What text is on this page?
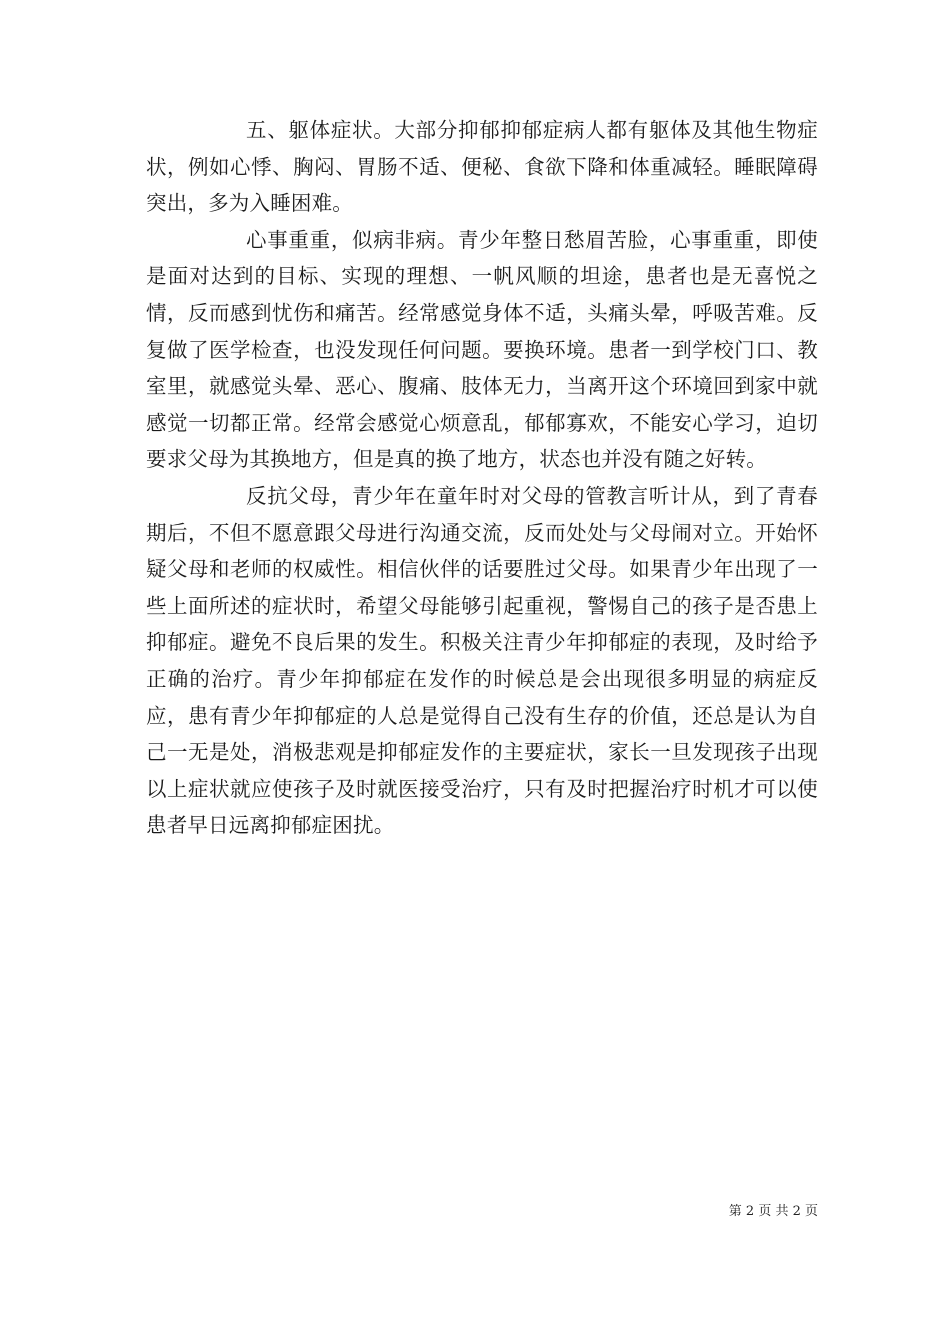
五、躯体症状。大部分抑郁抑郁症病人都有躯体及其他生物症状，例如心悸、胸闷、胃肠不适、便秘、食欲下降和体重减轻。睡眠障碍突出，多为入睡困难。

心事重重，似病非病。青少年整日愁眉苦脸，心事重重，即使是面对达到的目标、实现的理想、一帆风顺的坦途，患者也是无喜悦之情，反而感到忧伤和痛苦。经常感觉身体不适，头痛头晕，呼吸苦难。反复做了医学检查，也没发现任何问题。要换环境。患者一到学校门口、教室里，就感觉头晕、恶心、腹痛、肢体无力，当离开这个环境回到家中就感觉一切都正常。经常会感觉心烦意乱，郁郁寡欢，不能安心学习，迫切要求父母为其换地方，但是真的换了地方，状态也并没有随之好转。

反抗父母，青少年在童年时对父母的管教言听计从，到了青春期后，不但不愿意跟父母进行沟通交流，反而处处与父母闹对立。开始怀疑父母和老师的权威性。相信伙伴的话要胜过父母。如果青少年出现了一些上面所述的症状时，希望父母能够引起重视，警惕自己的孩子是否患上抑郁症。避免不良后果的发生。积极关注青少年抑郁症的表现，及时给予正确的治疗。青少年抑郁症在发作的时候总是会出现很多明显的病症反应，患有青少年抑郁症的人总是觉得自己没有生存的价值，还总是认为自己一无是处，消极悲观是抑郁症发作的主要症状，家长一旦发现孩子出现以上症状就应使孩子及时就医接受治疗，只有及时把握治疗时机才可以使患者早日远离抑郁症困扰。

第 2 页 共 2 页
